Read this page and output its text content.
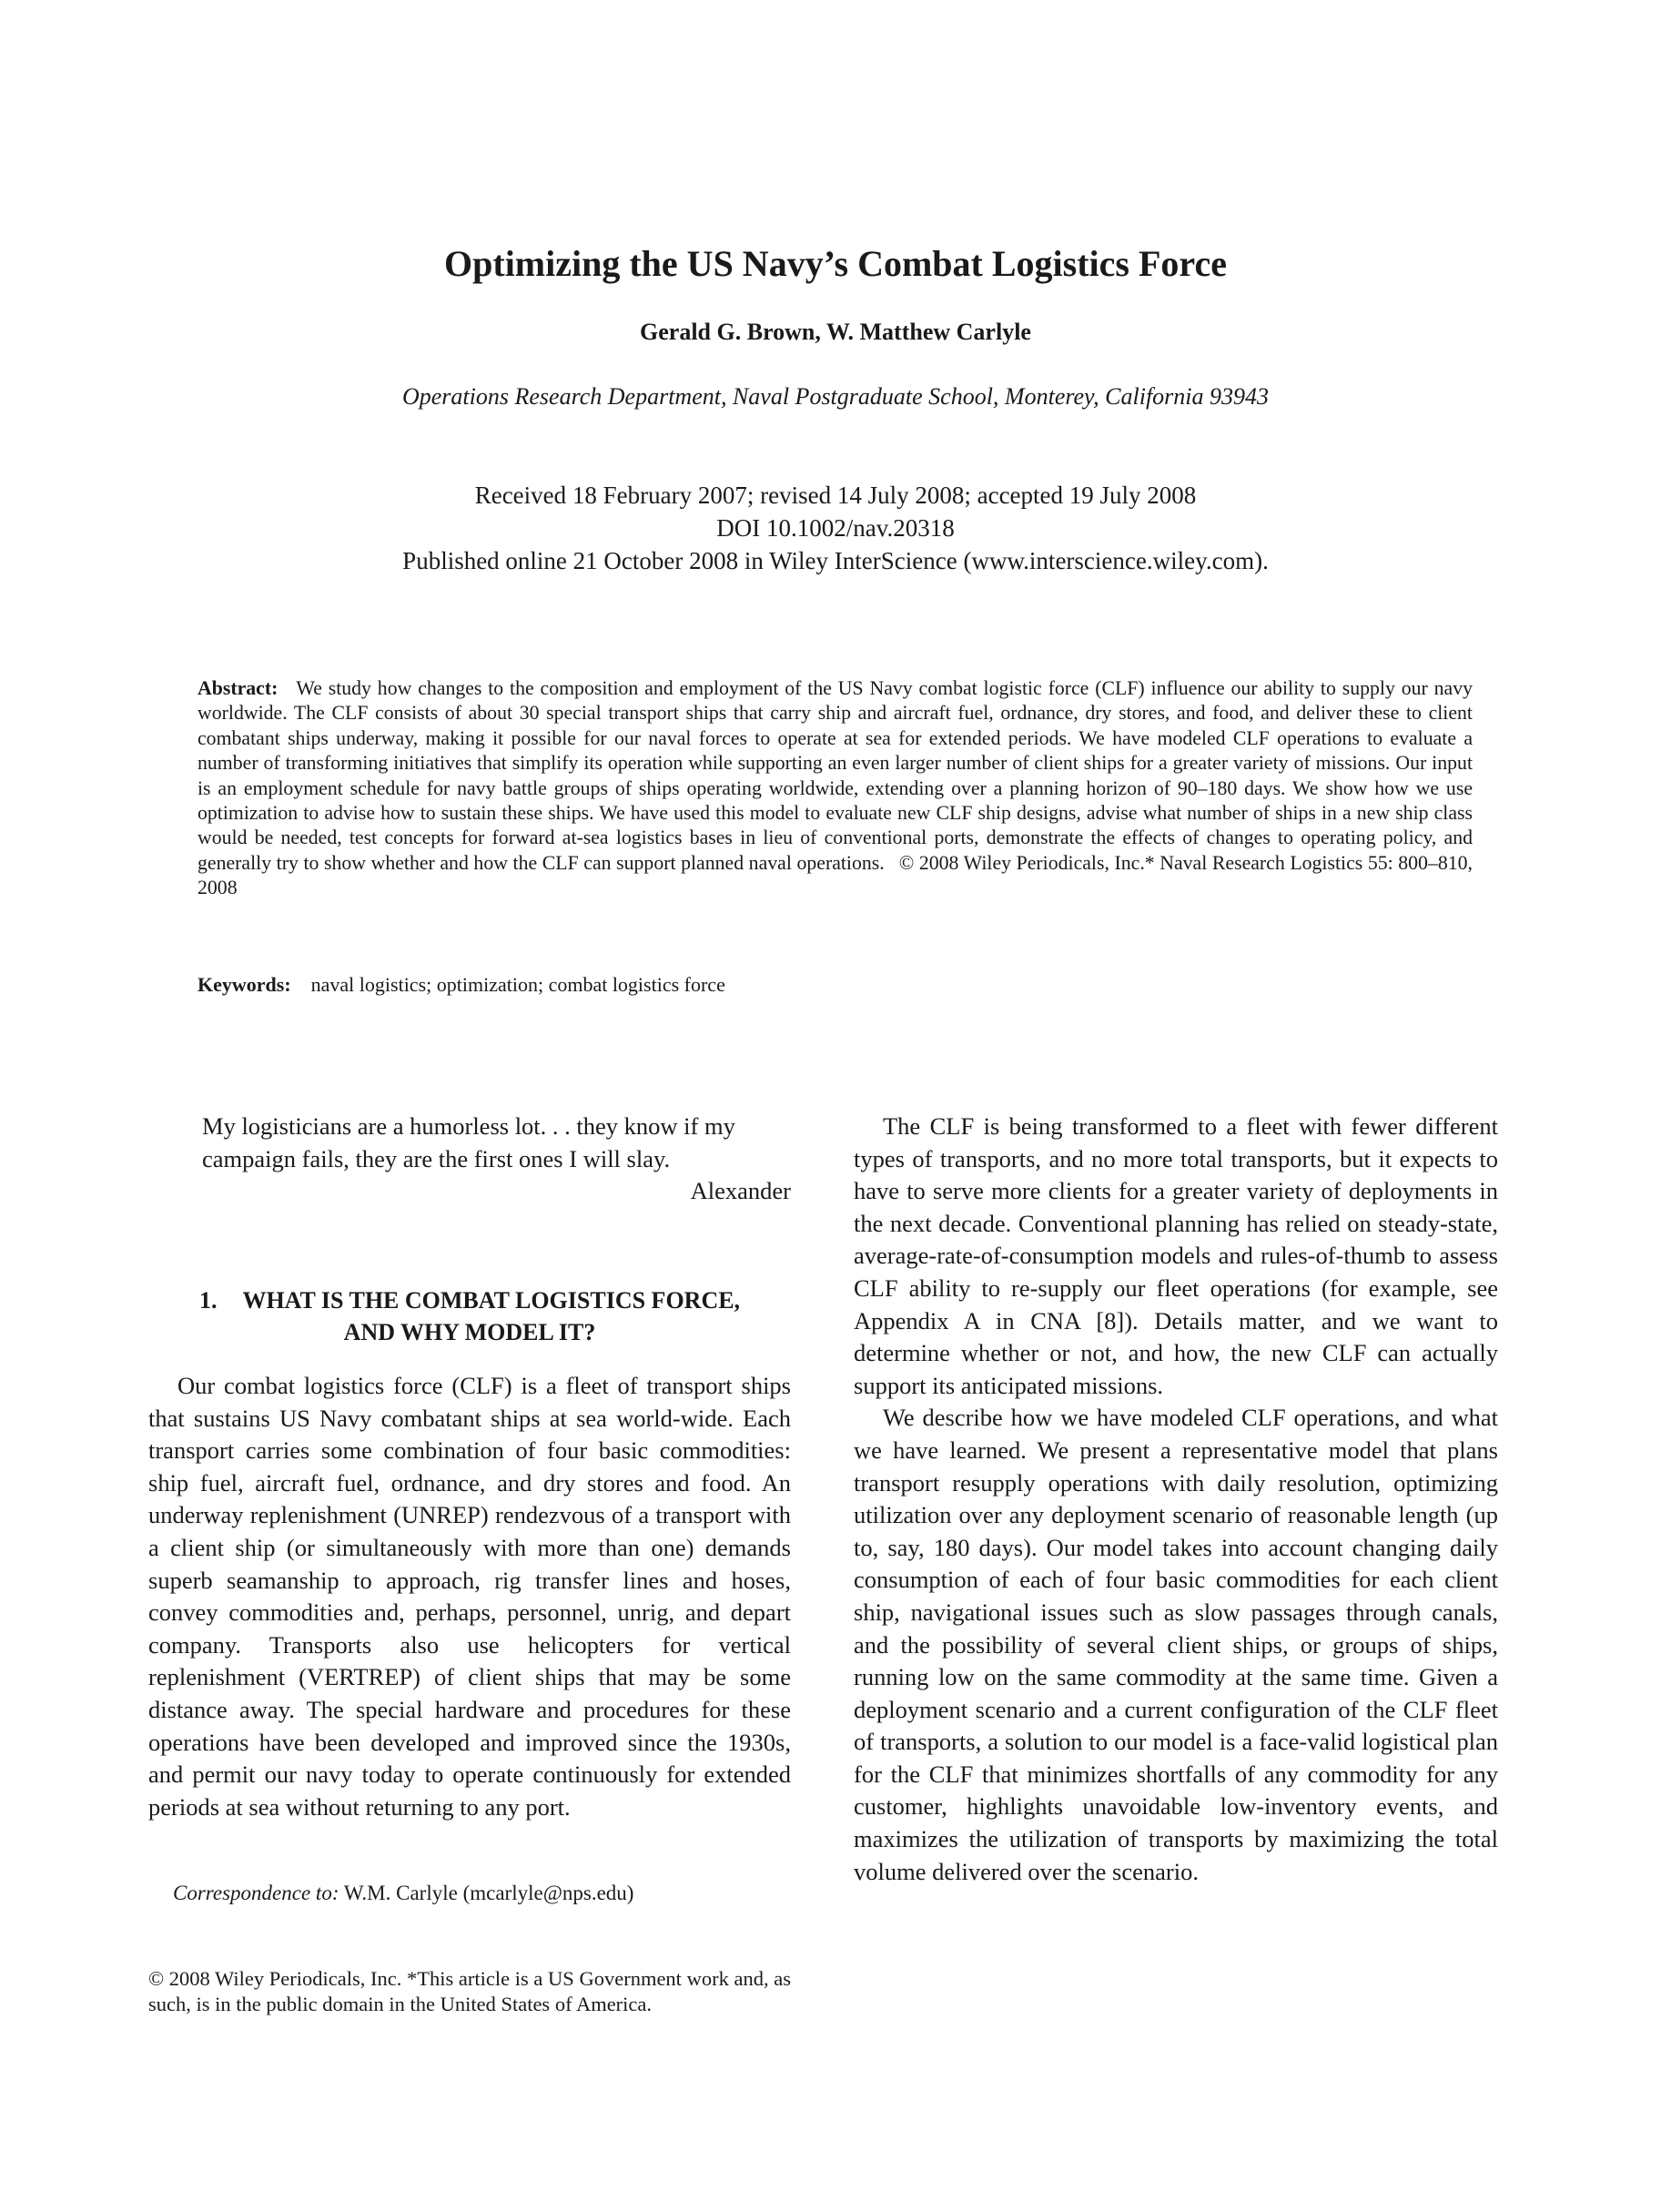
Optimizing the US Navy’s Combat Logistics Force
Gerald G. Brown, W. Matthew Carlyle
Operations Research Department, Naval Postgraduate School, Monterey, California 93943
Received 18 February 2007; revised 14 July 2008; accepted 19 July 2008
DOI 10.1002/nav.20318
Published online 21 October 2008 in Wiley InterScience (www.interscience.wiley.com).
Abstract: We study how changes to the composition and employment of the US Navy combat logistic force (CLF) influence our ability to supply our navy worldwide. The CLF consists of about 30 special transport ships that carry ship and aircraft fuel, ordnance, dry stores, and food, and deliver these to client combatant ships underway, making it possible for our naval forces to operate at sea for extended periods. We have modeled CLF operations to evaluate a number of transforming initiatives that simplify its operation while supporting an even larger number of client ships for a greater variety of missions. Our input is an employment schedule for navy battle groups of ships operating worldwide, extending over a planning horizon of 90–180 days. We show how we use optimization to advise how to sustain these ships. We have used this model to evaluate new CLF ship designs, advise what number of ships in a new ship class would be needed, test concepts for forward at-sea logistics bases in lieu of conventional ports, demonstrate the effects of changes to operating policy, and generally try to show whether and how the CLF can support planned naval operations. © 2008 Wiley Periodicals, Inc.* Naval Research Logistics 55: 800–810, 2008
Keywords: naval logistics; optimization; combat logistics force
My logisticians are a humorless lot. . . they know if my campaign fails, they are the first ones I will slay.
Alexander
1. WHAT IS THE COMBAT LOGISTICS FORCE,
AND WHY MODEL IT?

Our combat logistics force (CLF) is a fleet of transport ships that sustains US Navy combatant ships at sea world-wide. Each transport carries some combination of four basic commodities: ship fuel, aircraft fuel, ordnance, and dry stores and food. An underway replenishment (UNREP) rendezvous of a transport with a client ship (or simultaneously with more than one) demands superb seamanship to approach, rig transfer lines and hoses, convey commodities and, perhaps, personnel, unrig, and depart company. Transports also use helicopters for vertical replenishment (VERTREP) of client ships that may be some distance away. The special hardware and procedures for these operations have been developed and improved since the 1930s, and permit our navy today to operate continuously for extended periods at sea without returning to any port.

The CLF is being transformed to a fleet with fewer different types of transports, and no more total transports, but it expects to have to serve more clients for a greater variety of deployments in the next decade. Conventional planning has relied on steady-state, average-rate-of-consumption models and rules-of-thumb to assess CLF ability to re-supply our fleet operations (for example, see Appendix A in CNA [8]). Details matter, and we want to determine whether or not, and how, the new CLF can actually support its anticipated missions.

We describe how we have modeled CLF operations, and what we have learned. We present a representative model that plans transport resupply operations with daily resolution, optimizing utilization over any deployment scenario of reasonable length (up to, say, 180 days). Our model takes into account changing daily consumption of each of four basic commodities for each client ship, navigational issues such as slow passages through canals, and the possibility of several client ships, or groups of ships, running low on the same commodity at the same time. Given a deployment scenario and a current configuration of the CLF fleet of transports, a solution to our model is a face-valid logistical plan for the CLF that minimizes shortfalls of any commodity for any customer, highlights unavoidable low-inventory events, and maximizes the utilization of transports by maximizing the total volume delivered over the scenario.

Correspondence to: W.M. Carlyle (mcarlyle@nps.edu)
© 2008 Wiley Periodicals, Inc. *This article is a US Government work and, as such, is in the public domain in the United States of America.
